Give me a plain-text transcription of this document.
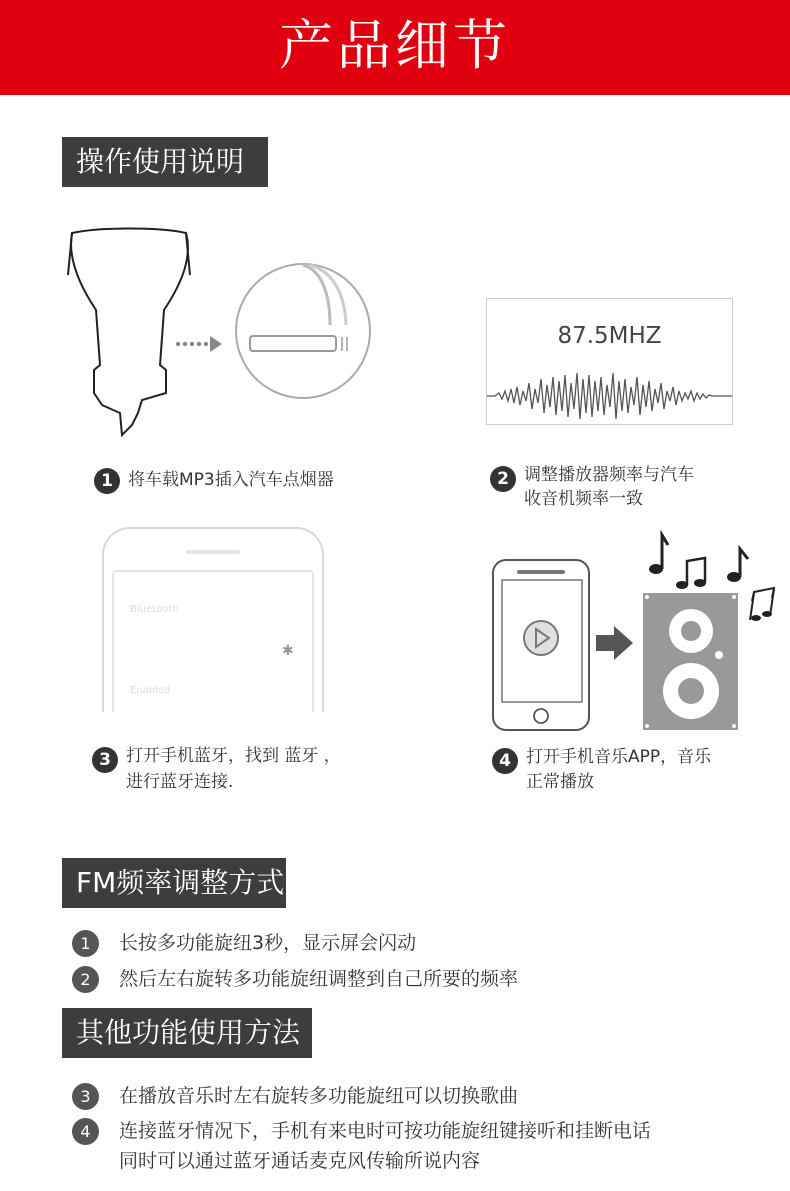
产品细节
操作使用说明
87.5MHZ
1 将车载MP3插入汽车点烟器	2 调整播放器频率与汽车
收音机频率一致
Bluetooth
✱
Enabled
3 打开手机蓝牙，找到 蓝牙 ，
进行蓝牙连接.
4 打开手机音乐APP，音乐
正常播放
FM频率调整方式
1	长按多功能旋纽3秒，显示屏会闪动
2	然后左右旋转多功能旋纽调整到自己所要的频率
其他功能使用方法
3	在播放音乐时左右旋转多功能旋纽可以切换歌曲
4	连接蓝牙情况下，手机有来电时可按功能旋纽键接听和挂断电话
同时可以通过蓝牙通话麦克风传输所说内容
